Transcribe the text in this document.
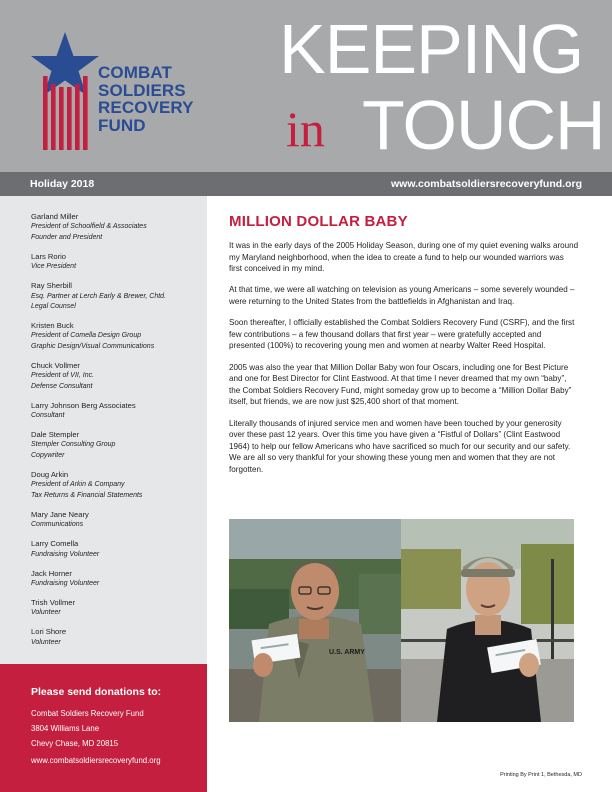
COMBAT
SOLDIERS
RECOVERY
FUND
KEEPING
in TOUCH
Holiday 2018	www.combatsoldiersrecoveryfund.org
Garland Miller
President of Schoolfield & Associates
Founder and President
Lars Rorio
Vice President
Ray Sherbill
Esq. Partner at Lerch Early & Brewer, Chtd.
Legal Counsel
Kristen Buck
President of Comella Design Group
Graphic Design/Visual Communications
Chuck Vollmer
President of VII, Inc.
Defense Consultant
Larry Johnson Berg Associates
Consultant
Dale Stempler
Stempler Consulting Group
Copywriter
Doug Arkin
President of Arkin & Company
Tax Returns & Financial Statements
Mary Jane Neary
Communications
Larry Comella
Fundraising Volunteer
Jack Horner
Fundraising Volunteer
Trish Vollmer
Volunteer
Lori Shore
Volunteer
Please send donations to:
Combat Soldiers Recovery Fund
3804 Williams Lane
Chevy Chase, MD 20815
www.combatsoldiersrecoveryfund.org
MILLION DOLLAR BABY

It was in the early days of the 2005 Holiday Season, during one of my quiet evening walks around my Maryland neighborhood, when the idea to create a fund to help our wounded warriors was first conceived in my mind.

At that time, we were all watching on television as young Americans – some severely wounded – were returning to the United States from the battlefields in Afghanistan and Iraq.

Soon thereafter, I officially established the Combat Soldiers Recovery Fund (CSRF), and the first few contributions – a few thousand dollars that first year – were gratefully accepted and presented (100%) to recovering young men and women at nearby Walter Reed Hospital.

2005 was also the year that Million Dollar Baby won four Oscars, including one for Best Picture and one for Best Director for Clint Eastwood. At that time I never dreamed that my own “baby”, the Combat Soldiers Recovery Fund, might someday grow up to become a “Million Dollar Baby” itself, but friends, we are now just $25,400 short of that moment.

Literally thousands of injured service men and women have been touched by your generosity over these past 12 years. Over this time you have given a “Fistful of Dollars” (Clint Eastwood 1964) to help our fellow Americans who have sacrificed so much for our security and our safety. We are all so very thankful for your showing these young men and women that they are not forgotten.

U.S. ARMY
Printing By Print 1, Bethesda, MD
